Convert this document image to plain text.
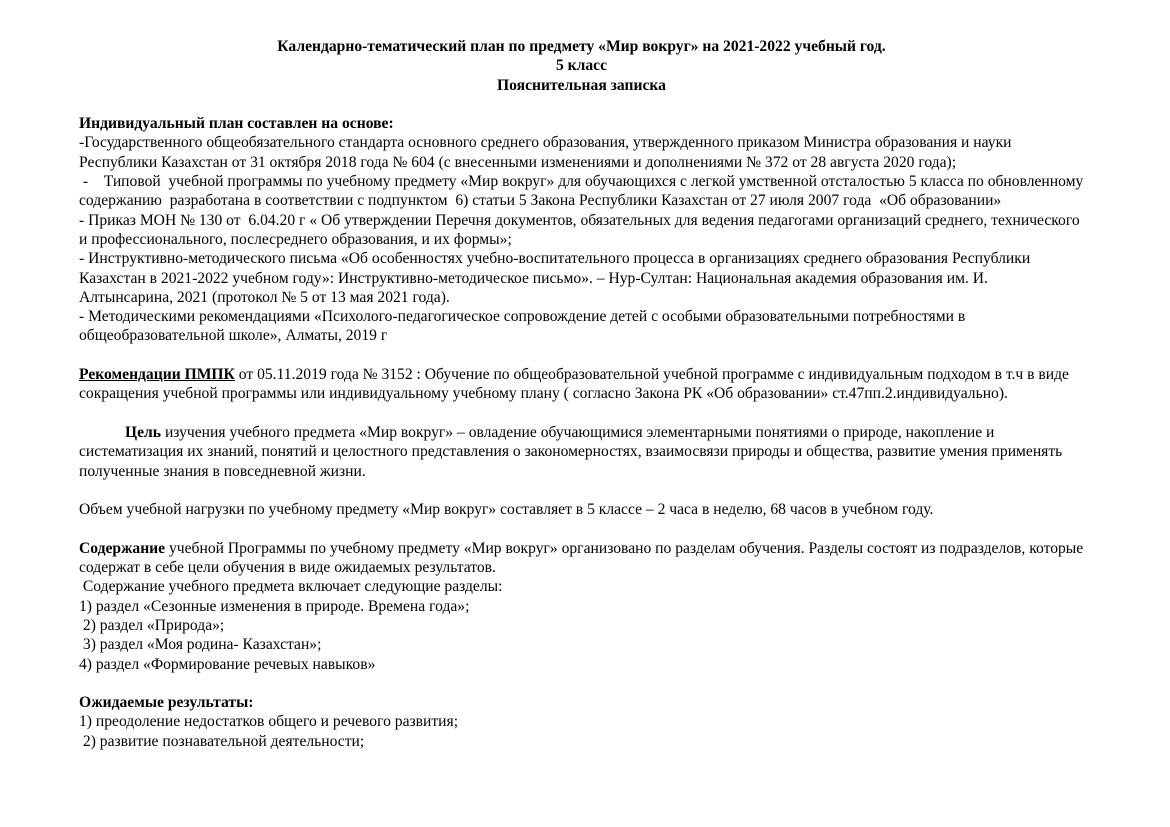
Календарно-тематический план по предмету «Мир вокруг» на 2021-2022 учебный год.
5 класс
Пояснительная записка

Индивидуальный план составлен на основе:
-Государственного общеобязательного стандарта основного среднего образования, утвержденного приказом Министра образования и науки Республики Казахстан от 31 октября 2018 года № 604 (с внесенными изменениями и дополнениями № 372 от 28 августа 2020 года);
-    Типовой  учебной программы по учебному предмету «Мир вокруг» для обучающихся с легкой умственной отсталостью 5 класса по обновленному содержанию  разработана в соответствии с подпунктом  6) статьи 5 Закона Республики Казахстан от 27 июля 2007 года  «Об образовании»
- Приказ МОН № 130 от  6.04.20 г « Об утверждении Перечня документов, обязательных для ведения педагогами организаций среднего, технического и профессионального, послесреднего образования, и их формы»;
- Инструктивно-методического письма «Об особенностях учебно-воспитательного процесса в организациях среднего образования Республики Казахстан в 2021-2022 учебном году»: Инструктивно-методическое письмо». – Нур-Султан: Национальная академия образования им. И. Алтынсарина, 2021 (протокол № 5 от 13 мая 2021 года).
- Методическими рекомендациями «Психолого-педагогическое сопровождение детей с особыми образовательными потребностями в общеобразовательной школе», Алматы, 2019 г

Рекомендации ПМПК от 05.11.2019 года № 3152 : Обучение по общеобразовательной учебной программе с индивидуальным подходом в т.ч в виде сокращения учебной программы или индивидуальному учебному плану ( согласно Закона РК «Об образовании» ст.47пп.2.индивидуально).

Цель изучения учебного предмета «Мир вокруг» – овладение обучающимися элементарными понятиями о природе, накопление и систематизация их знаний, понятий и целостного представления о закономерностях, взаимосвязи природы и общества, развитие умения применять полученные знания в повседневной жизни.

Объем учебной нагрузки по учебному предмету «Мир вокруг» составляет в 5 классе – 2 часа в неделю, 68 часов в учебном году.

Содержание учебной Программы по учебному предмету «Мир вокруг» организовано по разделам обучения. Разделы состоят из подразделов, которые содержат в себе цели обучения в виде ожидаемых результатов.
Содержание учебного предмета включает следующие разделы:
1) раздел «Сезонные изменения в природе. Времена года»;
2) раздел «Природа»;
3) раздел «Моя родина- Казахстан»;
4) раздел «Формирование речевых навыков»

Ожидаемые результаты:
1) преодоление недостатков общего и речевого развития;
2) развитие познавательной деятельности;
